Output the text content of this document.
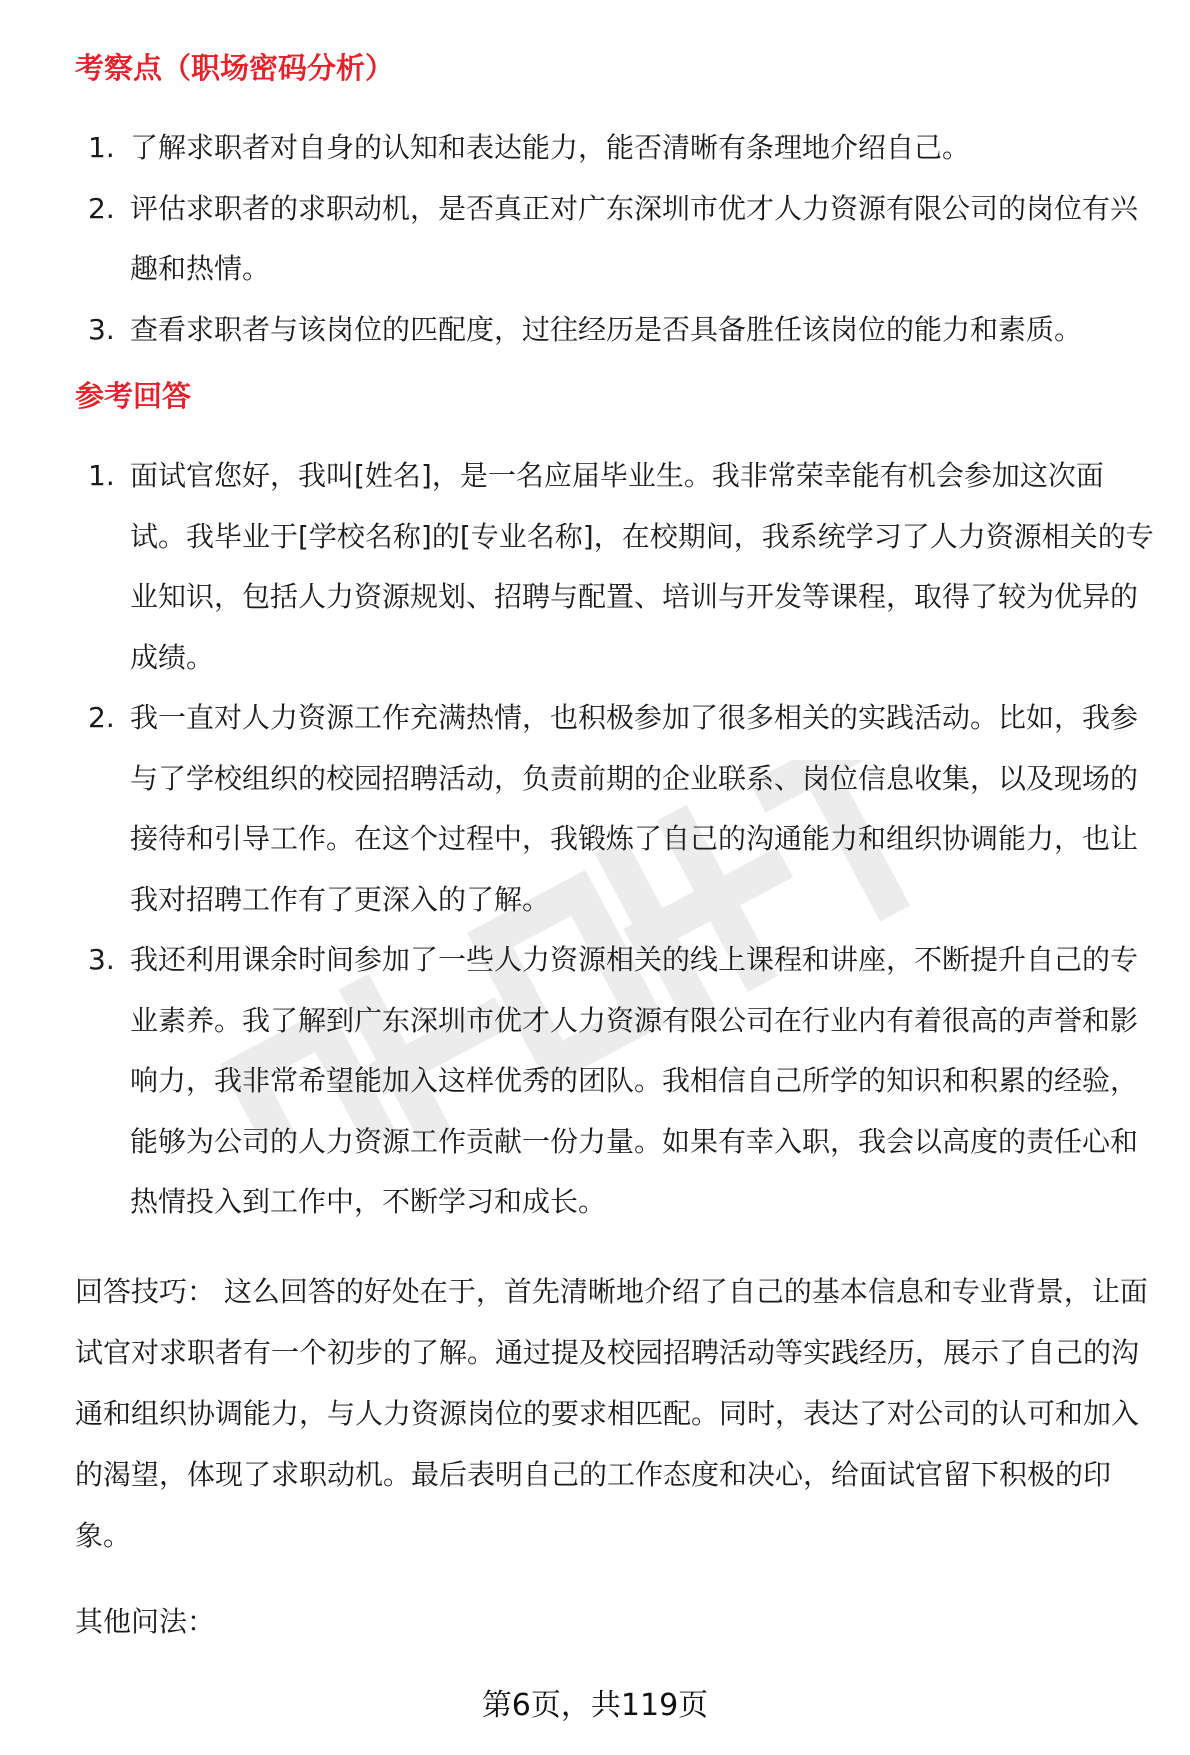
考察点（职场密码分析）
1. 了解求职者对自身的认知和表达能力，能否清晰有条理地介绍自己。
2. 评估求职者的求职动机，是否真正对广东深圳市优才人力资源有限公司的岗位有兴趣和热情。
3. 查看求职者与该岗位的匹配度，过往经历是否具备胜任该岗位的能力和素质。
参考回答
1. 面试官您好，我叫[姓名]，是一名应届毕业生。我非常荣幸能有机会参加这次面试。我毕业于[学校名称]的[专业名称]，在校期间，我系统学习了人力资源相关的专业知识，包括人力资源规划、招聘与配置、培训与开发等课程，取得了较为优异的成绩。
2. 我一直对人力资源工作充满热情，也积极参加了很多相关的实践活动。比如，我参与了学校组织的校园招聘活动，负责前期的企业联系、岗位信息收集，以及现场的接待和引导工作。在这个过程中，我锻炼了自己的沟通能力和组织协调能力，也让我对招聘工作有了更深入的了解。
3. 我还利用课余时间参加了一些人力资源相关的线上课程和讲座，不断提升自己的专业素养。我了解到广东深圳市优才人力资源有限公司在行业内有着很高的声誉和影响力，我非常希望能加入这样优秀的团队。我相信自己所学的知识和积累的经验，能够为公司的人力资源工作贡献一份力量。如果有幸入职，我会以高度的责任心和热情投入到工作中，不断学习和成长。

回答技巧： 这么回答的好处在于，首先清晰地介绍了自己的基本信息和专业背景，让面试官对求职者有一个初步的了解。通过提及校园招聘活动等实践经历，展示了自己的沟通和组织协调能力，与人力资源岗位的要求相匹配。同时，表达了对公司的认可和加入的渴望，体现了求职动机。最后表明自己的工作态度和决心，给面试官留下积极的印象。

其他问法：
第6页，共119页
